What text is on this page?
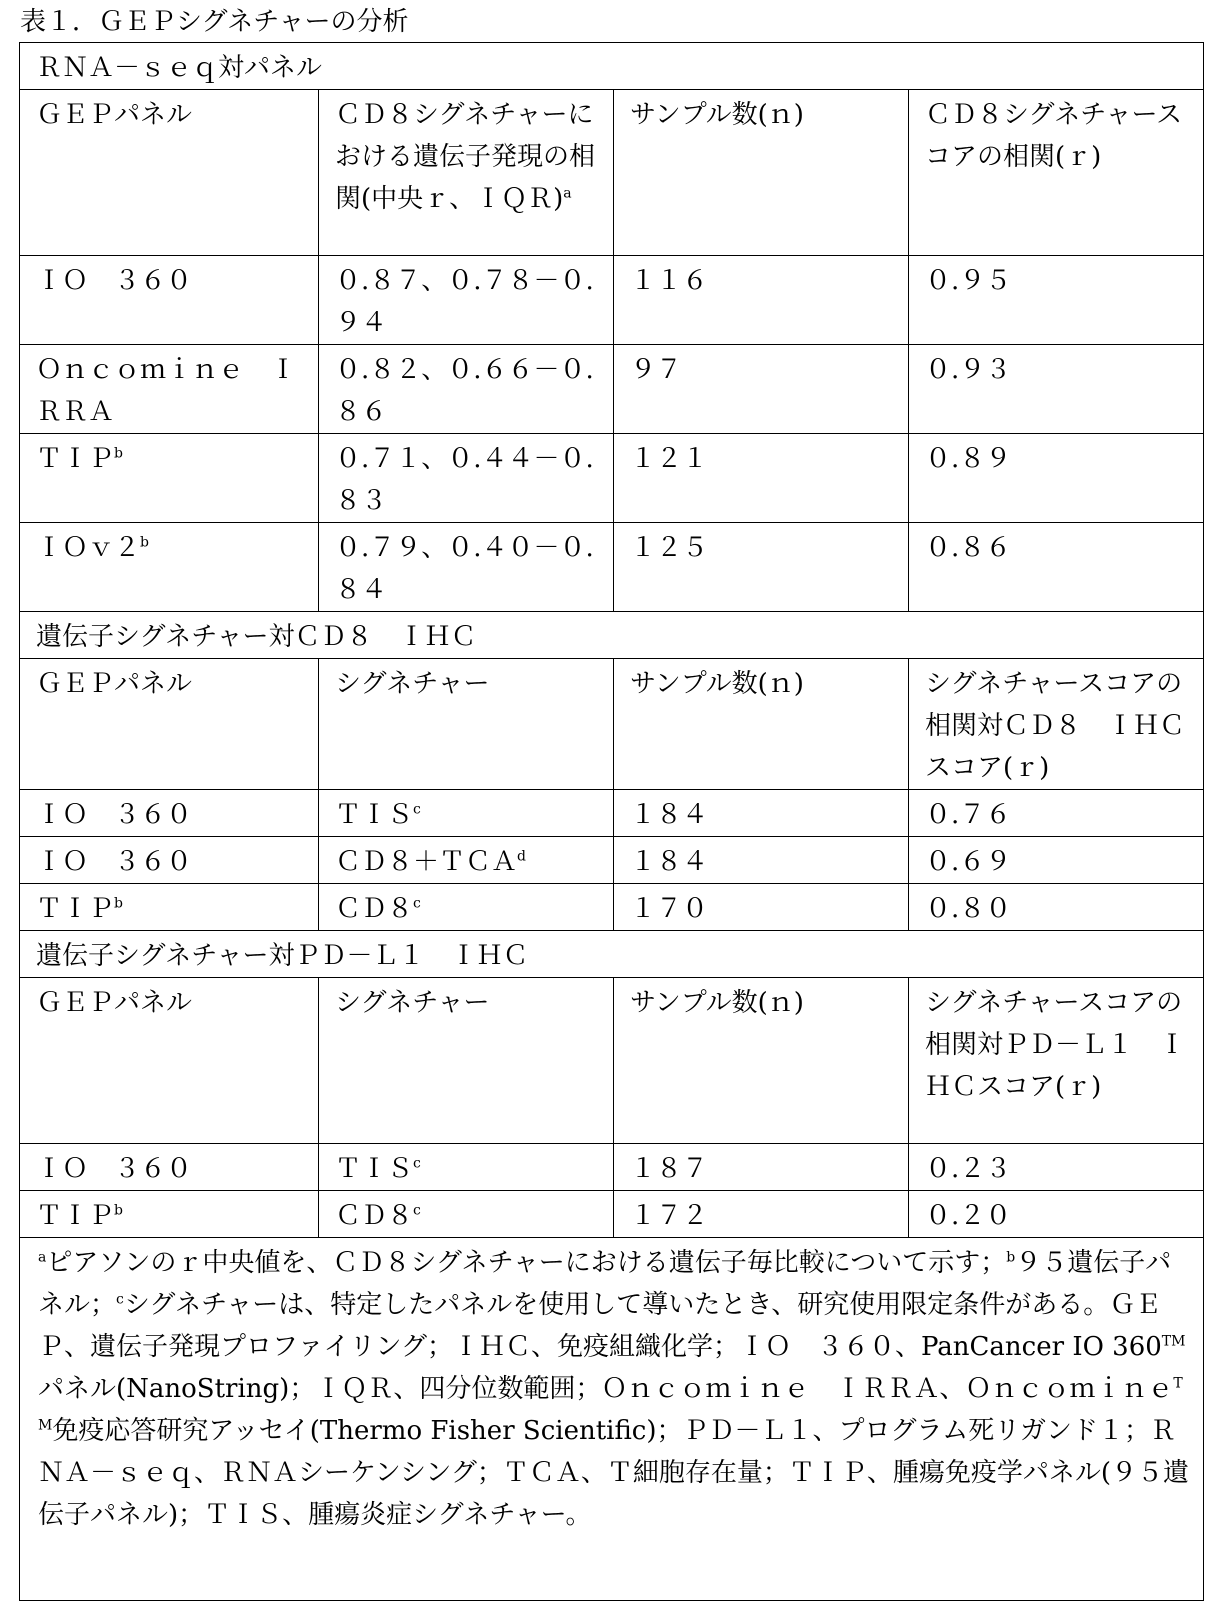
表１．ＧＥＰシグネチャーの分析
ＲＮＡ－ｓｅｑ対パネル
ＧＥＰパネル	ＣＤ８シグネチャーにおける遺伝子発現の相関(中央ｒ、ＩＱＲ)a	サンプル数(ｎ)	ＣＤ８シグネチャースコアの相関(ｒ)
ＩＯ　３６０	０.８７、０.７８－０.９４	１１６	０.９５
Ｏｎｃｏｍｉｎｅ　ＩＲＲＡ	０.８２、０.６６－０.８６	９７	０.９３
ＴＩＰb	０.７１、０.４４－０.８３	１２１	０.８９
ＩＯｖ２b	０.７９、０.４０－０.８４	１２５	０.８６
遺伝子シグネチャー対ＣＤ８　ＩＨＣ
ＧＥＰパネル	シグネチャー	サンプル数(ｎ)	シグネチャースコアの相関対ＣＤ８　ＩＨＣスコア(ｒ)
ＩＯ　３６０	ＴＩＳc	１８４	０.７６
ＩＯ　３６０	ＣＤ８＋ＴＣＡd	１８４	０.６９
ＴＩＰb	ＣＤ８c	１７０	０.８０
遺伝子シグネチャー対ＰＤ－Ｌ１　ＩＨＣ
ＧＥＰパネル	シグネチャー	サンプル数(ｎ)	シグネチャースコアの相関対ＰＤ－Ｌ１　ＩＨＣスコア(ｒ)
ＩＯ　３６０	ＴＩＳc	１８７	０.２３
ＴＩＰb	ＣＤ８c	１７２	０.２０
aピアソンのｒ中央値を、ＣＤ８シグネチャーにおける遺伝子毎比較について示す；b９５遺伝子パネル；cシグネチャーは、特定したパネルを使用して導いたとき、研究使用限定条件がある。ＧＥＰ、遺伝子発現プロファイリング；ＩＨＣ、免疫組織化学；ＩＯ　３６０、PanCancer IO 360TMパネル(NanoString)；ＩＱＲ、四分位数範囲；Ｏｎｃｏｍｉｎｅ　ＩＲＲＡ、ＯｎｃｏｍｉｎｅTM免疫応答研究アッセイ(Thermo Fisher Scientific)；ＰＤ－Ｌ１、プログラム死リガンド１；ＲＮＡ－ｓｅｑ、ＲＮＡシーケンシング；ＴＣＡ、Ｔ細胞存在量；ＴＩＰ、腫瘍免疫学パネル(９５遺伝子パネル)；ＴＩＳ、腫瘍炎症シグネチャー。
